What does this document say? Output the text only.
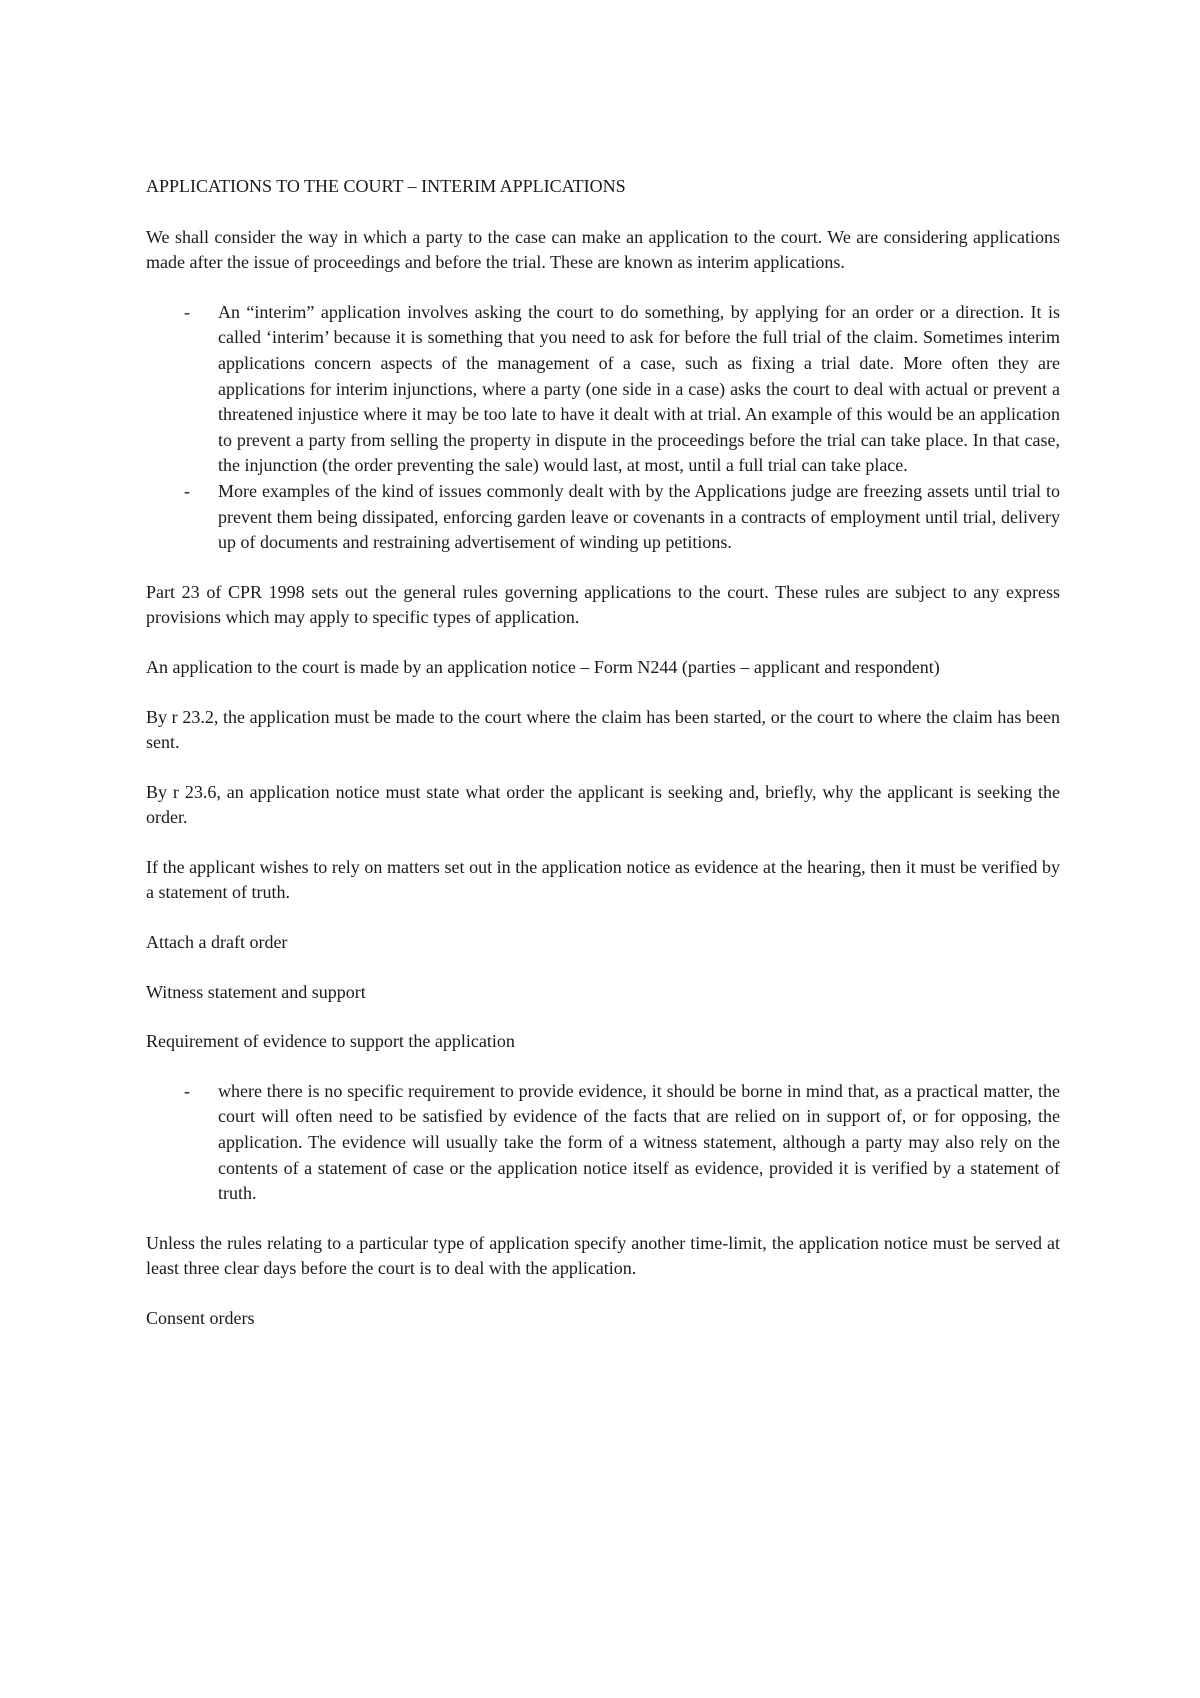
APPLICATIONS TO THE COURT – INTERIM APPLICATIONS

We shall consider the way in which a party to the case can make an application to the court. We are considering applications made after the issue of proceedings and before the trial. These are known as interim applications.

- An “interim” application involves asking the court to do something, by applying for an order or a direction. It is called ‘interim’ because it is something that you need to ask for before the full trial of the claim. Sometimes interim applications concern aspects of the management of a case, such as fixing a trial date. More often they are applications for interim injunctions, where a party (one side in a case) asks the court to deal with actual or prevent a threatened injustice where it may be too late to have it dealt with at trial. An example of this would be an application to prevent a party from selling the property in dispute in the proceedings before the trial can take place. In that case, the injunction (the order preventing the sale) would last, at most, until a full trial can take place.
- More examples of the kind of issues commonly dealt with by the Applications judge are freezing assets until trial to prevent them being dissipated, enforcing garden leave or covenants in a contracts of employment until trial, delivery up of documents and restraining advertisement of winding up petitions.

Part 23 of CPR 1998 sets out the general rules governing applications to the court. These rules are subject to any express provisions which may apply to specific types of application.

An application to the court is made by an application notice – Form N244 (parties – applicant and respondent)

By r 23.2, the application must be made to the court where the claim has been started, or the court to where the claim has been sent.

By r 23.6, an application notice must state what order the applicant is seeking and, briefly, why the applicant is seeking the order.

If the applicant wishes to rely on matters set out in the application notice as evidence at the hearing, then it must be verified by a statement of truth.

Attach a draft order

Witness statement and support

Requirement of evidence to support the application

- where there is no specific requirement to provide evidence, it should be borne in mind that, as a practical matter, the court will often need to be satisfied by evidence of the facts that are relied on in support of, or for opposing, the application. The evidence will usually take the form of a witness statement, although a party may also rely on the contents of a statement of case or the application notice itself as evidence, provided it is verified by a statement of truth.

Unless the rules relating to a particular type of application specify another time-limit, the application notice must be served at least three clear days before the court is to deal with the application.

Consent orders
